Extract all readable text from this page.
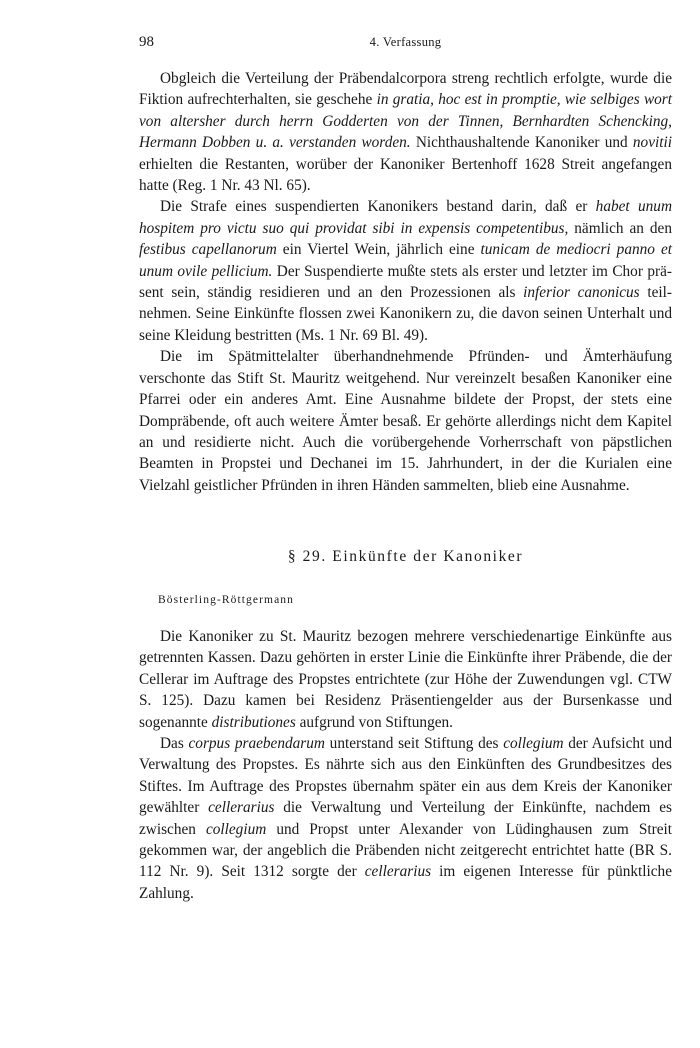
98	4. Verfassung

Obgleich die Verteilung der Präbendalcorpora streng rechtlich erfolgte, wurde die Fiktion aufrechterhalten, sie geschehe in gratia, hoc est in promptie, wie selbiges wort von altersher durch herrn Godderten von der Tinnen, Bernhardten Schencking, Hermann Dobben u. a. verstanden worden. Nichthaushaltende Kanoniker und novitii erhielten die Restanten, worüber der Kanoniker Bertenhoff 1628 Streit angefangen hatte (Reg. 1 Nr. 43 Nl. 65).

Die Strafe eines suspendierten Kanonikers bestand darin, daß er habet unum hospitem pro victu suo qui providat sibi in expensis competentibus, nämlich an den festibus capellanorum ein Viertel Wein, jährlich eine tunicam de mediocri panno et unum ovile pellicium. Der Suspendierte mußte stets als erster und letzter im Chor präsent sein, ständig residieren und an den Prozessionen als inferior canonicus teilnehmen. Seine Einkünfte flossen zwei Kanonikern zu, die davon seinen Unterhalt und seine Kleidung bestritten (Ms. 1 Nr. 69 Bl. 49).

Die im Spätmittelalter überhandnehmende Pfründen- und Ämterhäufung verschonte das Stift St. Mauritz weitgehend. Nur vereinzelt besaßen Kanoniker eine Pfarrei oder ein anderes Amt. Eine Ausnahme bildete der Propst, der stets eine Dompräbende, oft auch weitere Ämter besaß. Er gehörte allerdings nicht dem Kapitel an und residierte nicht. Auch die vorübergehende Vorherrschaft von päpstlichen Beamten in Propstei und Dechanei im 15. Jahrhundert, in der die Kurialen eine Vielzahl geistlicher Pfründen in ihren Händen sammelten, blieb eine Ausnahme.

§ 29. Einkünfte der Kanoniker
Bösterling-Röttgermann

Die Kanoniker zu St. Mauritz bezogen mehrere verschiedenartige Einkünfte aus getrennten Kassen. Dazu gehörten in erster Linie die Einkünfte ihrer Präbende, die der Cellerar im Auftrage des Propstes entrichtete (zur Höhe der Zuwendungen vgl. CTW S. 125). Dazu kamen bei Residenz Präsentiengelder aus der Bursenkasse und sogenannte distributiones aufgrund von Stiftungen.

Das corpus praebendarum unterstand seit Stiftung des collegium der Aufsicht und Verwaltung des Propstes. Es nährte sich aus den Einkünften des Grundbesitzes des Stiftes. Im Auftrage des Propstes übernahm später ein aus dem Kreis der Kanoniker gewählter cellerarius die Verwaltung und Verteilung der Einkünfte, nachdem es zwischen collegium und Propst unter Alexander von Lüdinghausen zum Streit gekommen war, der angeblich die Präbenden nicht zeitgerecht entrichtet hatte (BR S. 112 Nr. 9). Seit 1312 sorgte der cellerarius im eigenen Interesse für pünktliche Zahlung.
